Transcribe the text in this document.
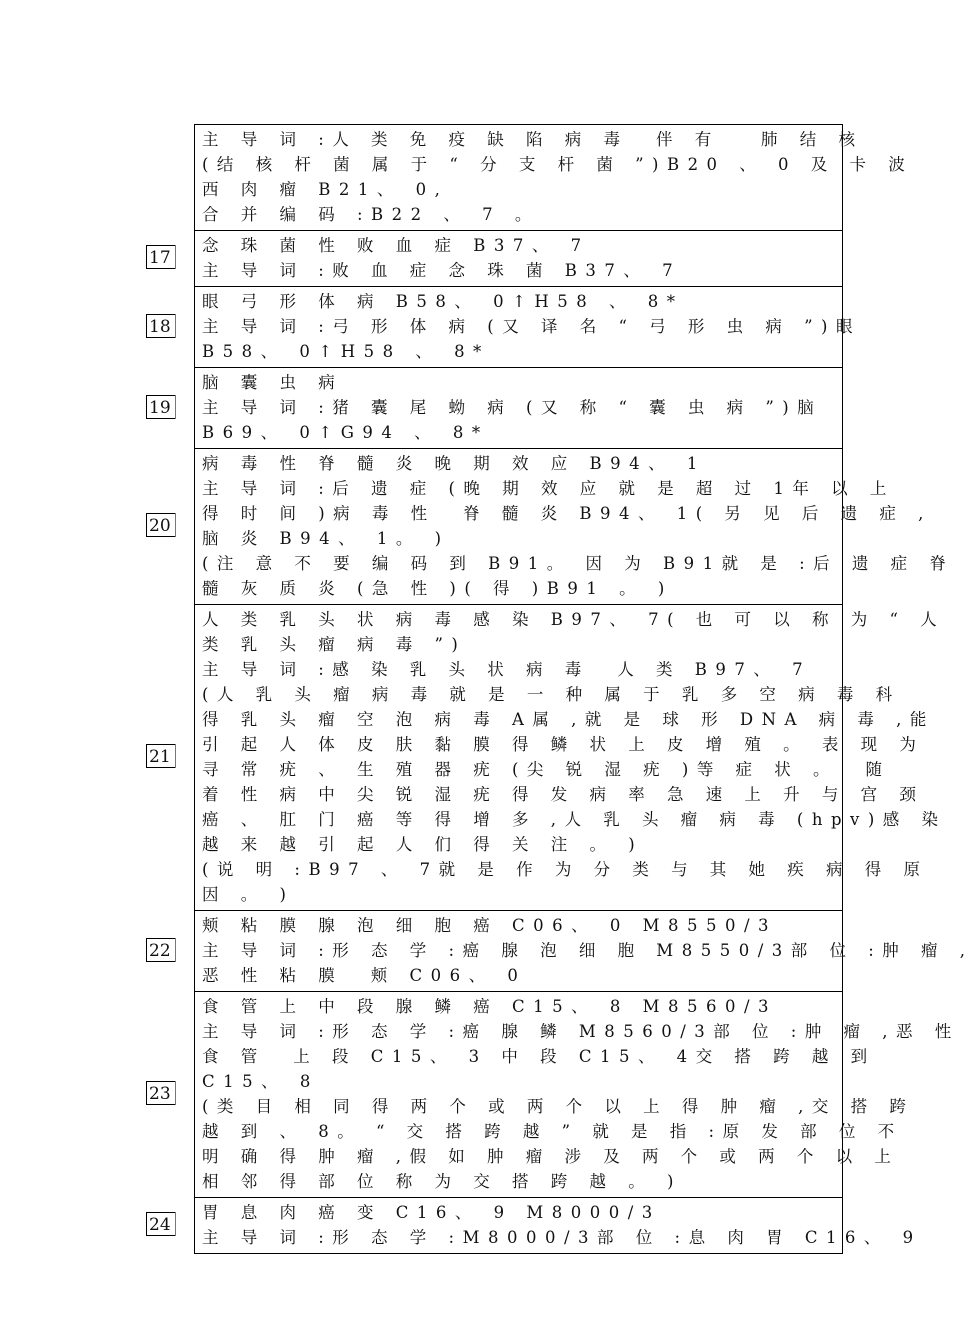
主 导 词 :人 类 免 疫 缺 陷 病 毒  伴 有   肺 结 核
(结 核 杆 菌 属 于 “ 分 支 杆 菌 ”)B20 、 0 及 卡 波
西 肉 瘤 B21、 0,
合 并 编 码 :B22 、 7 。
念 珠 菌 性 败 血 症 B37、 7
主 导 词 :败 血 症 念 珠 菌 B37、 7
眼 弓 形 体 病 B58、 0↑H58 、 8*
主 导 词 :弓 形 体 病 (又 译 名 “ 弓 形 虫 病 ”)眼
B58、 0↑H58 、 8*
脑 囊 虫 病
主 导 词 :猪 囊 尾 蚴 病 (又 称 “ 囊 虫 病 ”)脑
B69、 0↑G94 、 8*
病 毒 性 脊 髓 炎 晚 期 效 应 B94、 1
主 导 词 :后 遗 症 (晚 期 效 应 就 是 超 过 1年 以 上
得 时 间 )病 毒 性  脊 髓 炎 B94、 1( 另 见 后 遗 症 ,
脑 炎 B94、 1。 )
(注 意 不 要 编 码 到 B91。 因 为 B91就 是 :后 遗 症 脊
髓 灰 质 炎 (急 性 )( 得 )B91 。 )
人 类 乳 头 状 病 毒 感 染 B97、 7( 也 可 以 称 为 “ 人
类 乳 头 瘤 病 毒 ”)
主 导 词 :感 染 乳 头 状 病 毒  人 类 B97、 7
(人 乳 头 瘤 病 毒 就 是 一 种 属 于 乳 多 空 病 毒 科
得 乳 头 瘤 空 泡 病 毒 A属 ,就 是 球 形 DNA 病 毒 ,能
引 起 人 体 皮 肤 黏 膜 得 鳞 状 上 皮 增 殖 。 表 现 为
寻 常 疣 、 生 殖 器 疣 (尖 锐 湿 疣 )等 症 状 。  随
着 性 病 中 尖 锐 湿 疣 得 发 病 率 急 速 上 升 与 宫 颈
癌 、 肛 门 癌 等 得 增 多 ,人 乳 头 瘤 病 毒 (hpv)感 染
越 来 越 引 起 人 们 得 关 注 。 )
(说 明 :B97 、 7就 是 作 为 分 类 与 其 她 疾 病 得 原
因 。 )
颊 粘 膜 腺 泡 细 胞 癌 C06、 0 M8550/3
主 导 词 :形 态 学 :癌 腺 泡 细 胞 M8550/3部 位 :肿 瘤 ,
恶 性 粘 膜  颊 C06、 0
食 管 上 中 段 腺 鳞 癌 C15、 8 M8560/3
主 导 词 :形 态 学 :癌 腺 鳞 M8560/3部 位 :肿 瘤 ,恶 性
食 管  上 段 C15、 3 中 段 C15、 4交 搭 跨 越 到
C15、 8
(类 目 相 同 得 两 个 或 两 个 以 上 得 肿 瘤 ,交 搭 跨
越 到 、 8。 “ 交 搭 跨 越 ” 就 是 指 :原 发 部 位 不
明 确 得 肿 瘤 ,假 如 肿 瘤 涉 及 两 个 或 两 个 以 上
相 邻 得 部 位 称 为 交 搭 跨 越 。 )
胃 息 肉 癌 变 C16、 9 M8000/3
主 导 词 :形 态 学 :M8000/3部 位 :息 肉 胃 C16、 9
17
18
19
20
21
22
23
24
